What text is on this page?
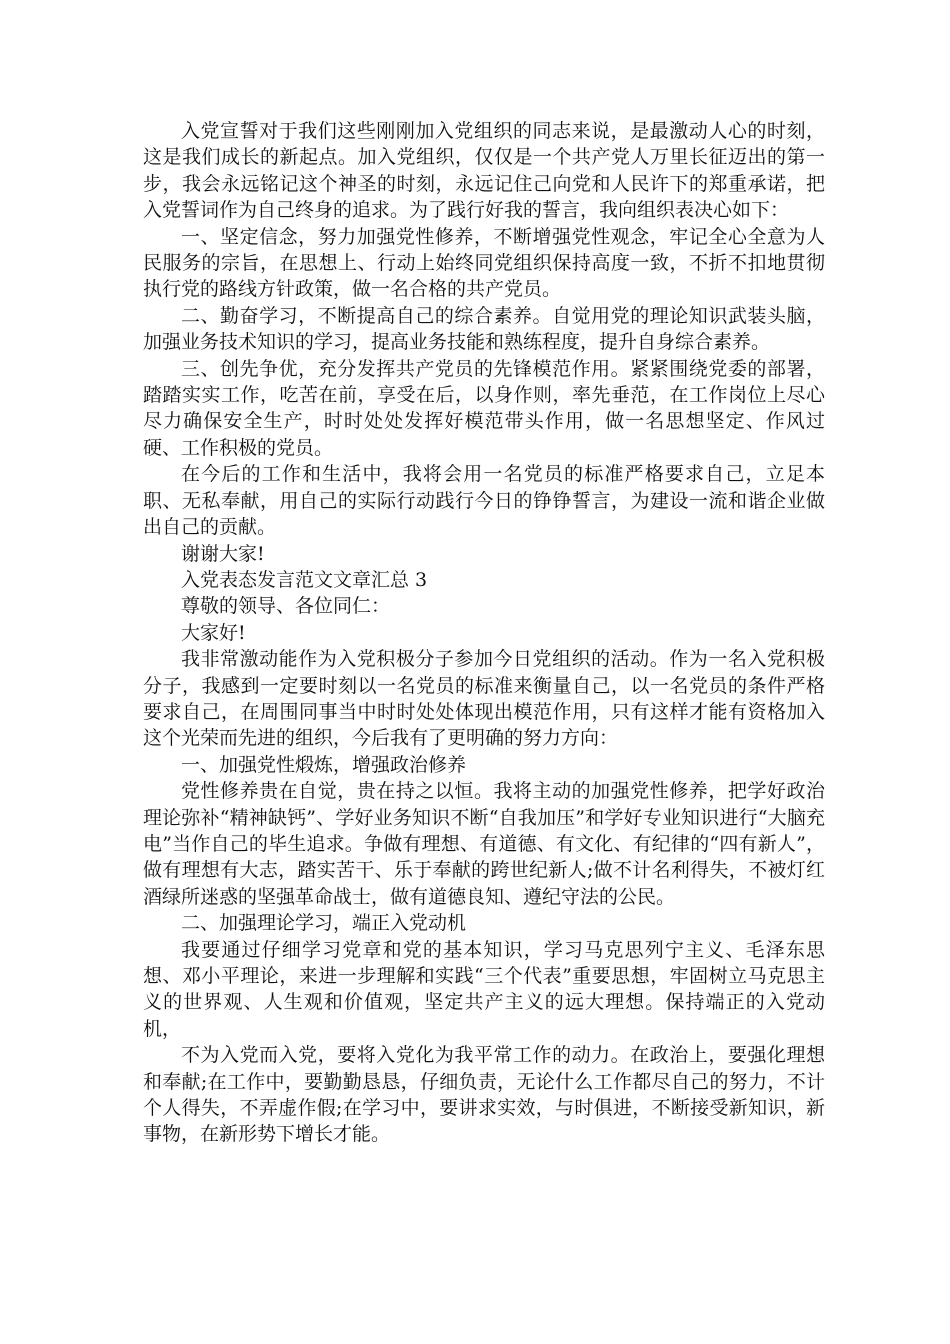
入党宣誓对于我们这些刚刚加入党组织的同志来说，是最激动人心的时刻，这是我们成长的新起点。加入党组织，仅仅是一个共产党人万里长征迈出的第一步，我会永远铭记这个神圣的时刻，永远记住己向党和人民许下的郑重承诺，把入党誓词作为自己终身的追求。为了践行好我的誓言，我向组织表决心如下：

一、坚定信念，努力加强党性修养，不断增强党性观念，牢记全心全意为人民服务的宗旨，在思想上、行动上始终同党组织保持高度一致，不折不扣地贯彻执行党的路线方针政策，做一名合格的共产党员。

二、勤奋学习，不断提高自己的综合素养。自觉用党的理论知识武装头脑，加强业务技术知识的学习，提高业务技能和熟练程度，提升自身综合素养。

三、创先争优，充分发挥共产党员的先锋模范作用。紧紧围绕党委的部署，踏踏实实工作，吃苦在前，享受在后，以身作则，率先垂范，在工作岗位上尽心尽力确保安全生产，时时处处发挥好模范带头作用，做一名思想坚定、作风过硬、工作积极的党员。

在今后的工作和生活中，我将会用一名党员的标准严格要求自己，立足本职、无私奉献，用自己的实际行动践行今日的铮铮誓言，为建设一流和谐企业做出自己的贡献。

谢谢大家!

入党表态发言范文文章汇总 3

尊敬的领导、各位同仁：

大家好!

我非常激动能作为入党积极分子参加今日党组织的活动。作为一名入党积极分子，我感到一定要时刻以一名党员的标准来衡量自己，以一名党员的条件严格要求自己，在周围同事当中时时处处体现出模范作用，只有这样才能有资格加入这个光荣而先进的组织，今后我有了更明确的努力方向：

一、加强党性煅炼，增强政治修养

党性修养贵在自觉，贵在持之以恒。我将主动的加强党性修养，把学好政治理论弥补“精神缺钙”、学好业务知识不断“自我加压”和学好专业知识进行“大脑充电”当作自己的毕生追求。争做有理想、有道德、有文化、有纪律的“四有新人”，做有理想有大志，踏实苦干、乐于奉献的跨世纪新人;做不计名利得失，不被灯红酒绿所迷惑的坚强革命战士，做有道德良知、遵纪守法的公民。

二、加强理论学习，端正入党动机

我要通过仔细学习党章和党的基本知识，学习马克思列宁主义、毛泽东思想、邓小平理论，来进一步理解和实践“三个代表”重要思想，牢固树立马克思主义的世界观、人生观和价值观，坚定共产主义的远大理想。保持端正的入党动机，

不为入党而入党，要将入党化为我平常工作的动力。在政治上，要强化理想和奉献;在工作中，要勤勤恳恳，仔细负责，无论什么工作都尽自己的努力，不计个人得失，不弄虚作假;在学习中，要讲求实效，与时俱进，不断接受新知识，新事物，在新形势下增长才能。
